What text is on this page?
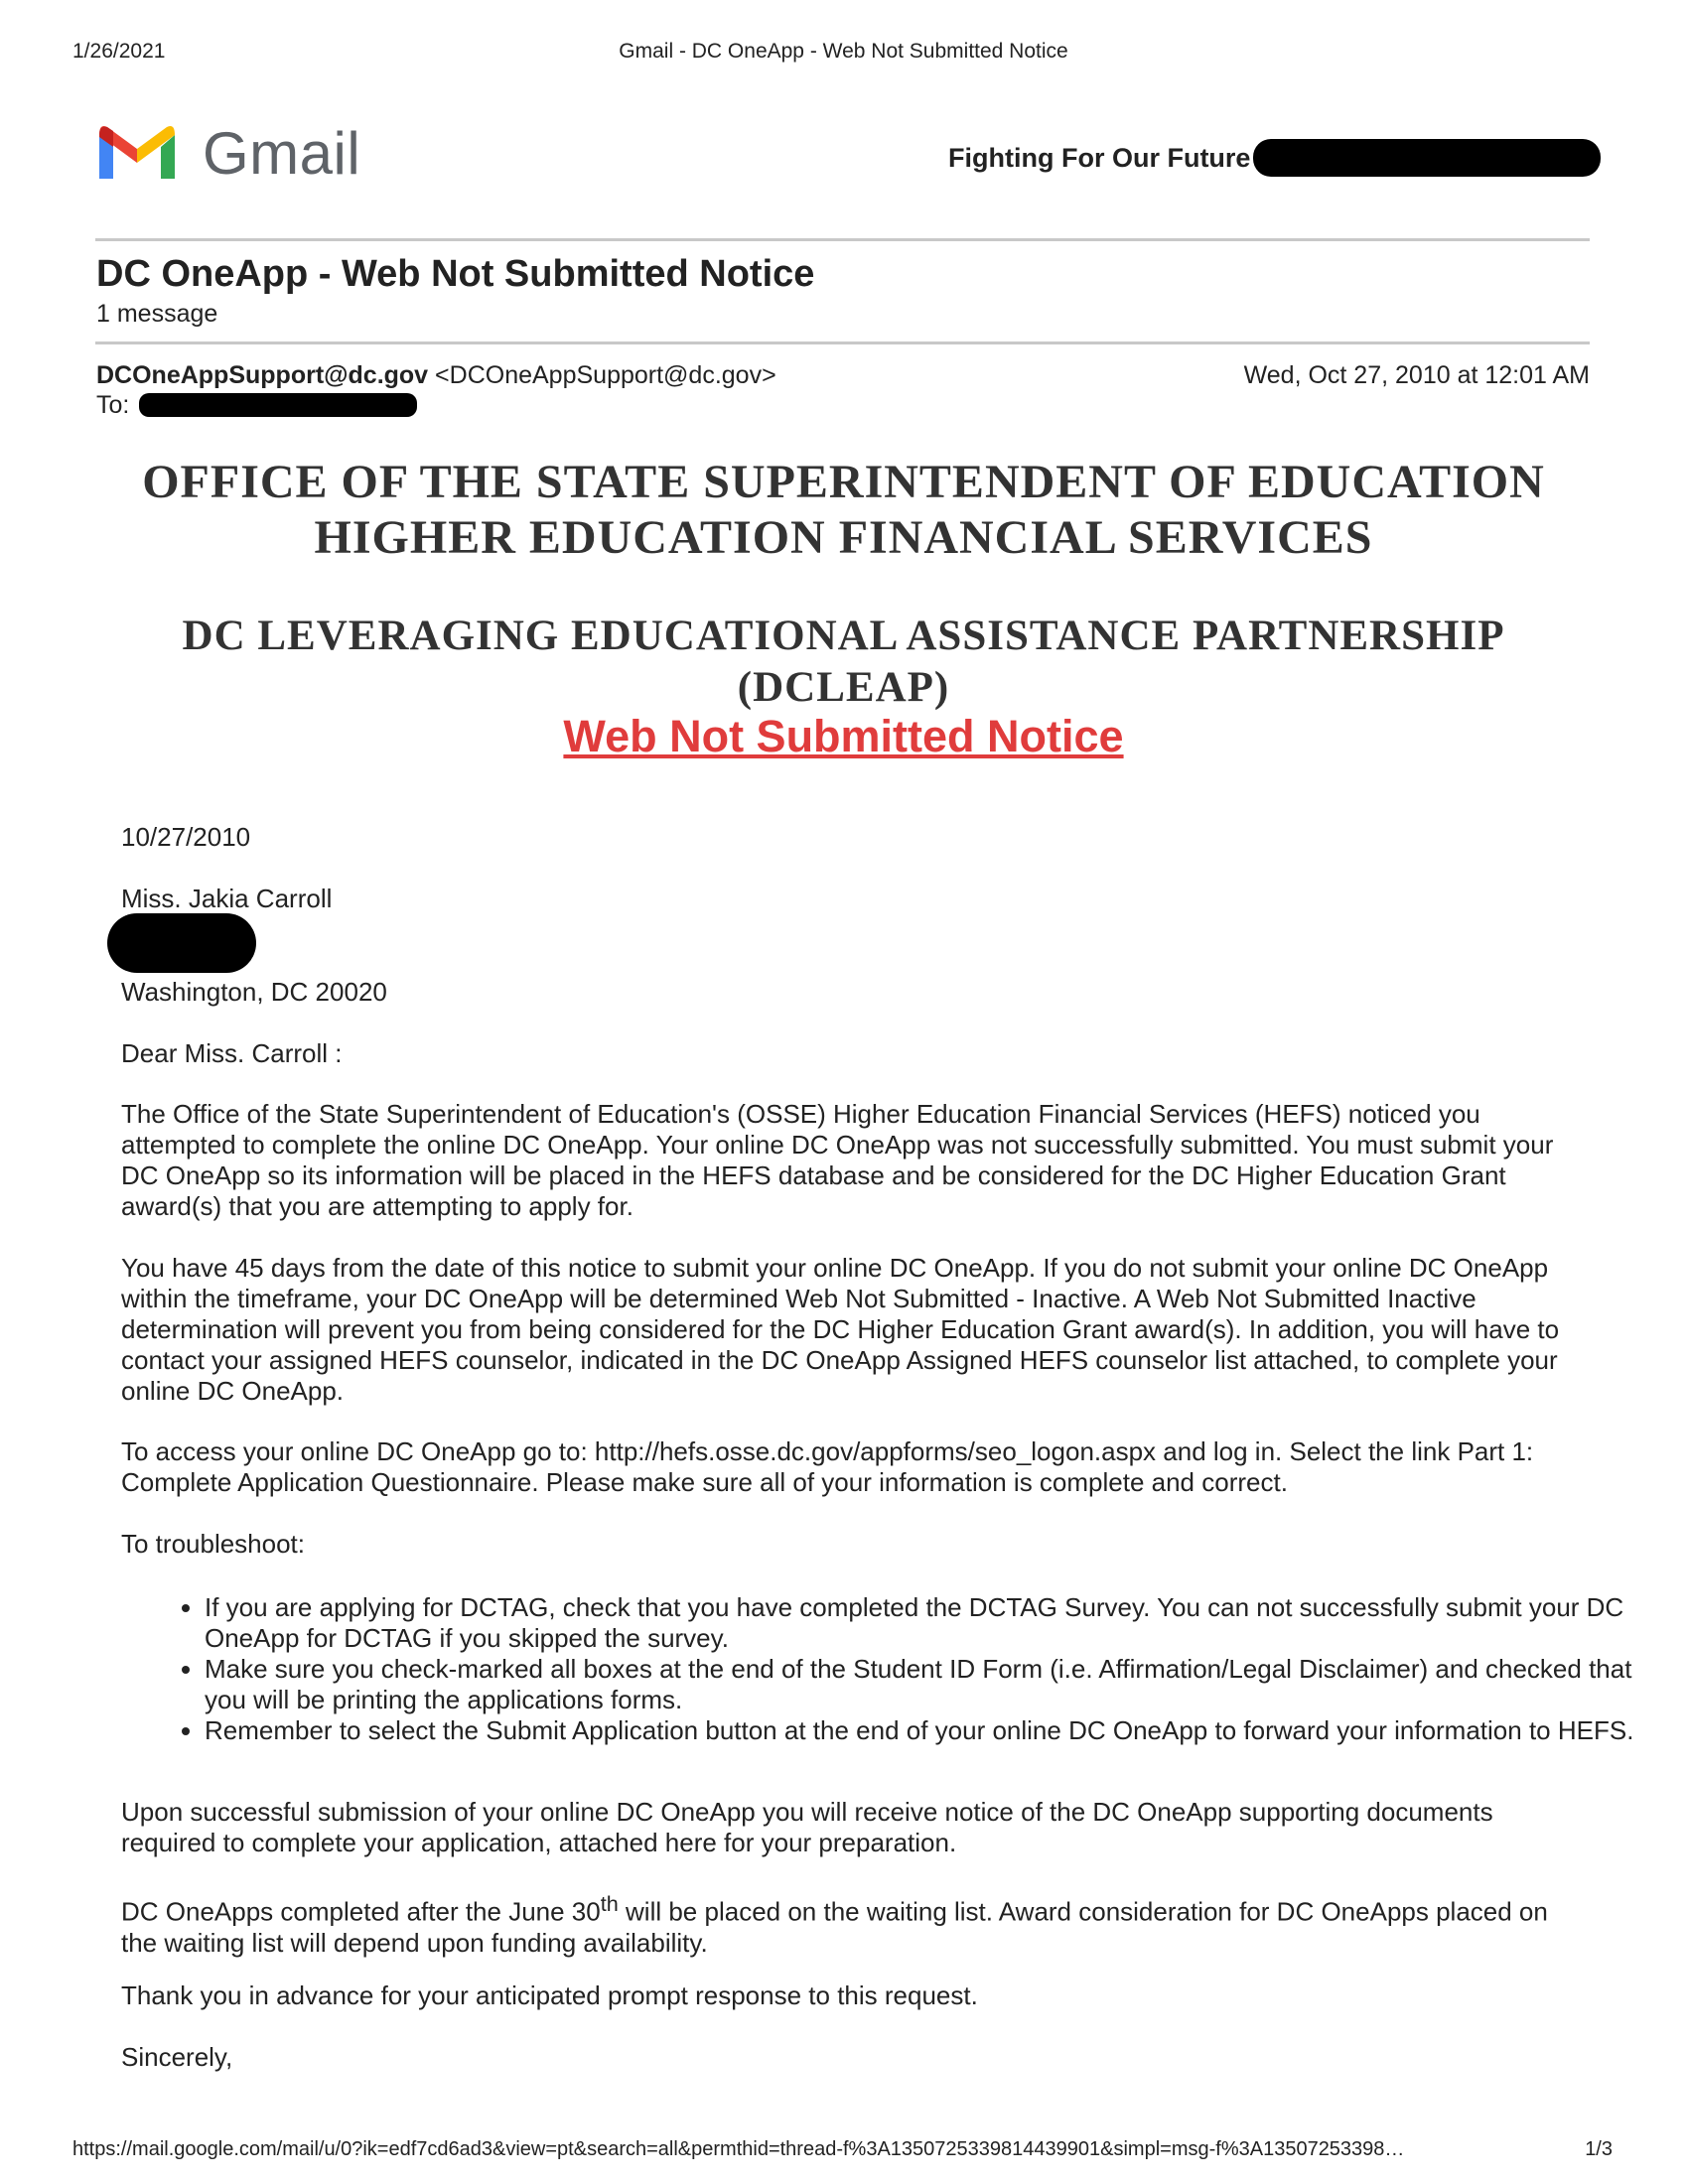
1/26/2021	Gmail - DC OneApp - Web Not Submitted Notice
Gmail	Fighting For Our Future
DC OneApp - Web Not Submitted Notice
1 message
DCOneAppSupport@dc.gov <DCOneAppSupport@dc.gov>	Wed, Oct 27, 2010 at 12:01 AM
To:
OFFICE OF THE STATE SUPERINTENDENT OF EDUCATION
HIGHER EDUCATION FINANCIAL SERVICES
DC LEVERAGING EDUCATIONAL ASSISTANCE PARTNERSHIP
(DCLEAP)
Web Not Submitted Notice
10/27/2010
Miss. Jakia Carroll
Washington, DC 20020
Dear Miss. Carroll :

The Office of the State Superintendent of Education's (OSSE) Higher Education Financial Services (HEFS) noticed you attempted to complete the online DC OneApp. Your online DC OneApp was not successfully submitted. You must submit your DC OneApp so its information will be placed in the HEFS database and be considered for the DC Higher Education Grant award(s) that you are attempting to apply for.

You have 45 days from the date of this notice to submit your online DC OneApp. If you do not submit your online DC OneApp within the timeframe, your DC OneApp will be determined Web Not Submitted - Inactive. A Web Not Submitted Inactive determination will prevent you from being considered for the DC Higher Education Grant award(s). In addition, you will have to contact your assigned HEFS counselor, indicated in the DC OneApp Assigned HEFS counselor list attached, to complete your online DC OneApp.

To access your online DC OneApp go to: http://hefs.osse.dc.gov/appforms/seo_logon.aspx and log in. Select the link Part 1: Complete Application Questionnaire. Please make sure all of your information is complete and correct.

To troubleshoot:
• If you are applying for DCTAG, check that you have completed the DCTAG Survey. You can not successfully submit your DC OneApp for DCTAG if you skipped the survey.
• Make sure you check-marked all boxes at the end of the Student ID Form (i.e. Affirmation/Legal Disclaimer) and checked that you will be printing the applications forms.
• Remember to select the Submit Application button at the end of your online DC OneApp to forward your information to HEFS.

Upon successful submission of your online DC OneApp you will receive notice of the DC OneApp supporting documents required to complete your application, attached here for your preparation.

DC OneApps completed after the June 30th will be placed on the waiting list. Award consideration for DC OneApps placed on the waiting list will depend upon funding availability.

Thank you in advance for your anticipated prompt response to this request.
Sincerely,
https://mail.google.com/mail/u/0?ik=edf7cd6ad3&view=pt&search=all&permthid=thread-f%3A1350725339814439901&simpl=msg-f%3A13507253398…	1/3
